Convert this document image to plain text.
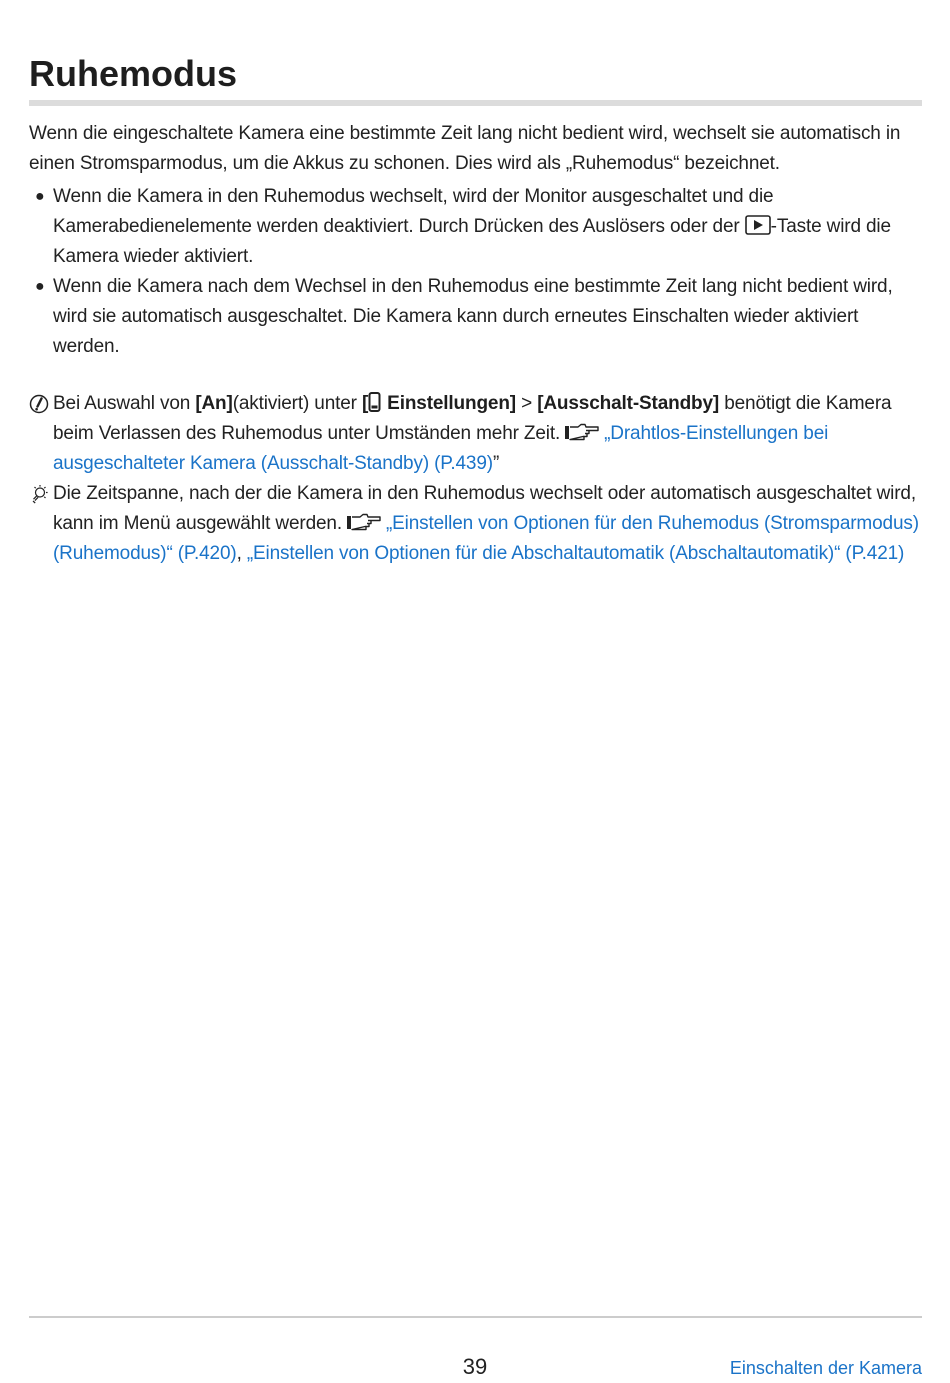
Ruhemodus

Wenn die eingeschaltete Kamera eine bestimmte Zeit lang nicht bedient wird, wechselt sie automatisch in einen Stromsparmodus, um die Akkus zu schonen. Dies wird als „Ruhemodus“ bezeichnet.

● Wenn die Kamera in den Ruhemodus wechselt, wird der Monitor ausgeschaltet und die Kamerabedienelemente werden deaktiviert. Durch Drücken des Auslösers oder der -Taste wird die Kamera wieder aktiviert.
● Wenn die Kamera nach dem Wechsel in den Ruhemodus eine bestimmte Zeit lang nicht bedient wird, wird sie automatisch ausgeschaltet. Die Kamera kann durch erneutes Einschalten wieder aktiviert werden.
Bei Auswahl von [An](aktiviert) unter [ Einstellungen] > [Ausschalt-Standby] benötigt die Kamera beim Verlassen des Ruhemodus unter Umständen mehr Zeit. „Drahtlos-Einstellungen bei ausgeschalteter Kamera (Ausschalt-Standby) (P.439)”
Die Zeitspanne, nach der die Kamera in den Ruhemodus wechselt oder automatisch ausgeschaltet wird, kann im Menü ausgewählt werden. „Einstellen von Optionen für den Ruhemodus (Stromsparmodus) (Ruhemodus)“ (P.420), „Einstellen von Optionen für die Abschaltautomatik (Abschaltautomatik)“ (P.421)
39	Einschalten der Kamera
